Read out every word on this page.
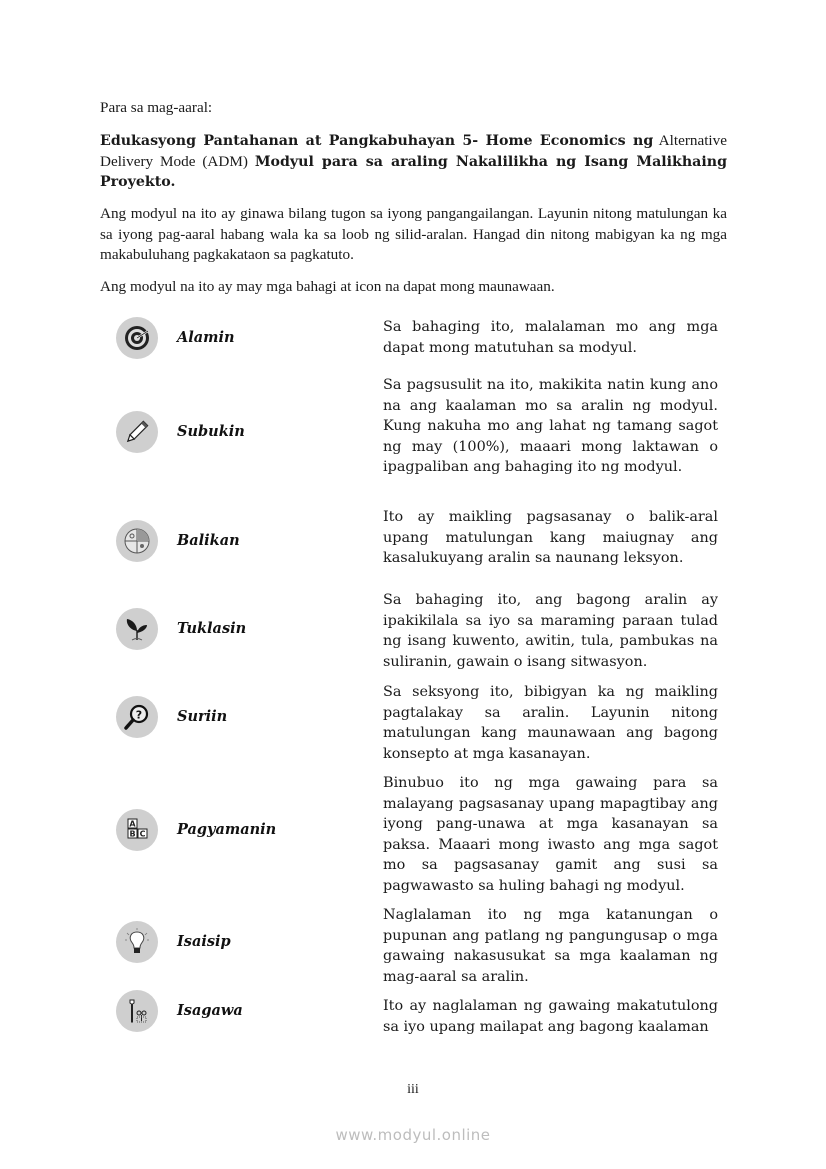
Para sa mag-aaral:

Edukasyong Pantahanan at Pangkabuhayan 5- Home Economics ng Alternative Delivery Mode (ADM) Modyul para sa araling Nakalilikha ng Isang Malikhaing Proyekto.

Ang modyul na ito ay ginawa bilang tugon sa iyong pangangailangan. Layunin nitong matulungan ka sa iyong pag-aaral habang wala ka sa loob ng silid-aralan. Hangad din nitong mabigyan ka ng mga makabuluhang pagkakataon sa pagkatuto.

Ang modyul na ito ay may mga bahagi at icon na dapat mong maunawaan.

Alamin

Sa bahaging ito, malalaman mo ang mga dapat mong matutuhan sa modyul.

Subukin

Sa pagsusulit na ito, makikita natin kung ano na ang kaalaman mo sa aralin ng modyul. Kung nakuha mo ang lahat ng tamang sagot ng may (100%), maaari mong laktawan o ipagpaliban ang bahaging ito ng modyul.

Balikan

Ito ay maikling pagsasanay o balik-aral upang matulungan kang maiugnay ang kasalukuyang aralin sa naunang leksyon.

Tuklasin

Sa bahaging ito, ang bagong aralin ay ipakikilala sa iyo sa maraming paraan tulad ng isang kuwento, awitin, tula, pambukas na suliranin, gawain o isang sitwasyon.

? Suriin

Sa seksyong ito, bibigyan ka ng maikling pagtalakay sa aralin. Layunin nitong matulungan kang maunawaan ang bagong konsepto at mga kasanayan.

A
B C Pagyamanin

Binubuo ito ng mga gawaing para sa malayang pagsasanay upang mapagtibay ang iyong pang-unawa at mga kasanayan sa paksa. Maaari mong iwasto ang mga sagot mo sa pagsasanay gamit ang susi sa pagwawasto sa huling bahagi ng modyul.

Isaisip

Naglalaman ito ng mga katanungan o pupunan ang patlang ng pangungusap o mga gawaing nakasusukat sa mga kaalaman ng mag-aaral sa aralin.

Isagawa	Ito ay naglalaman ng gawaing makatutulong sa iyo upang mailapat ang bagong kaalaman

iii
www.modyul.online
